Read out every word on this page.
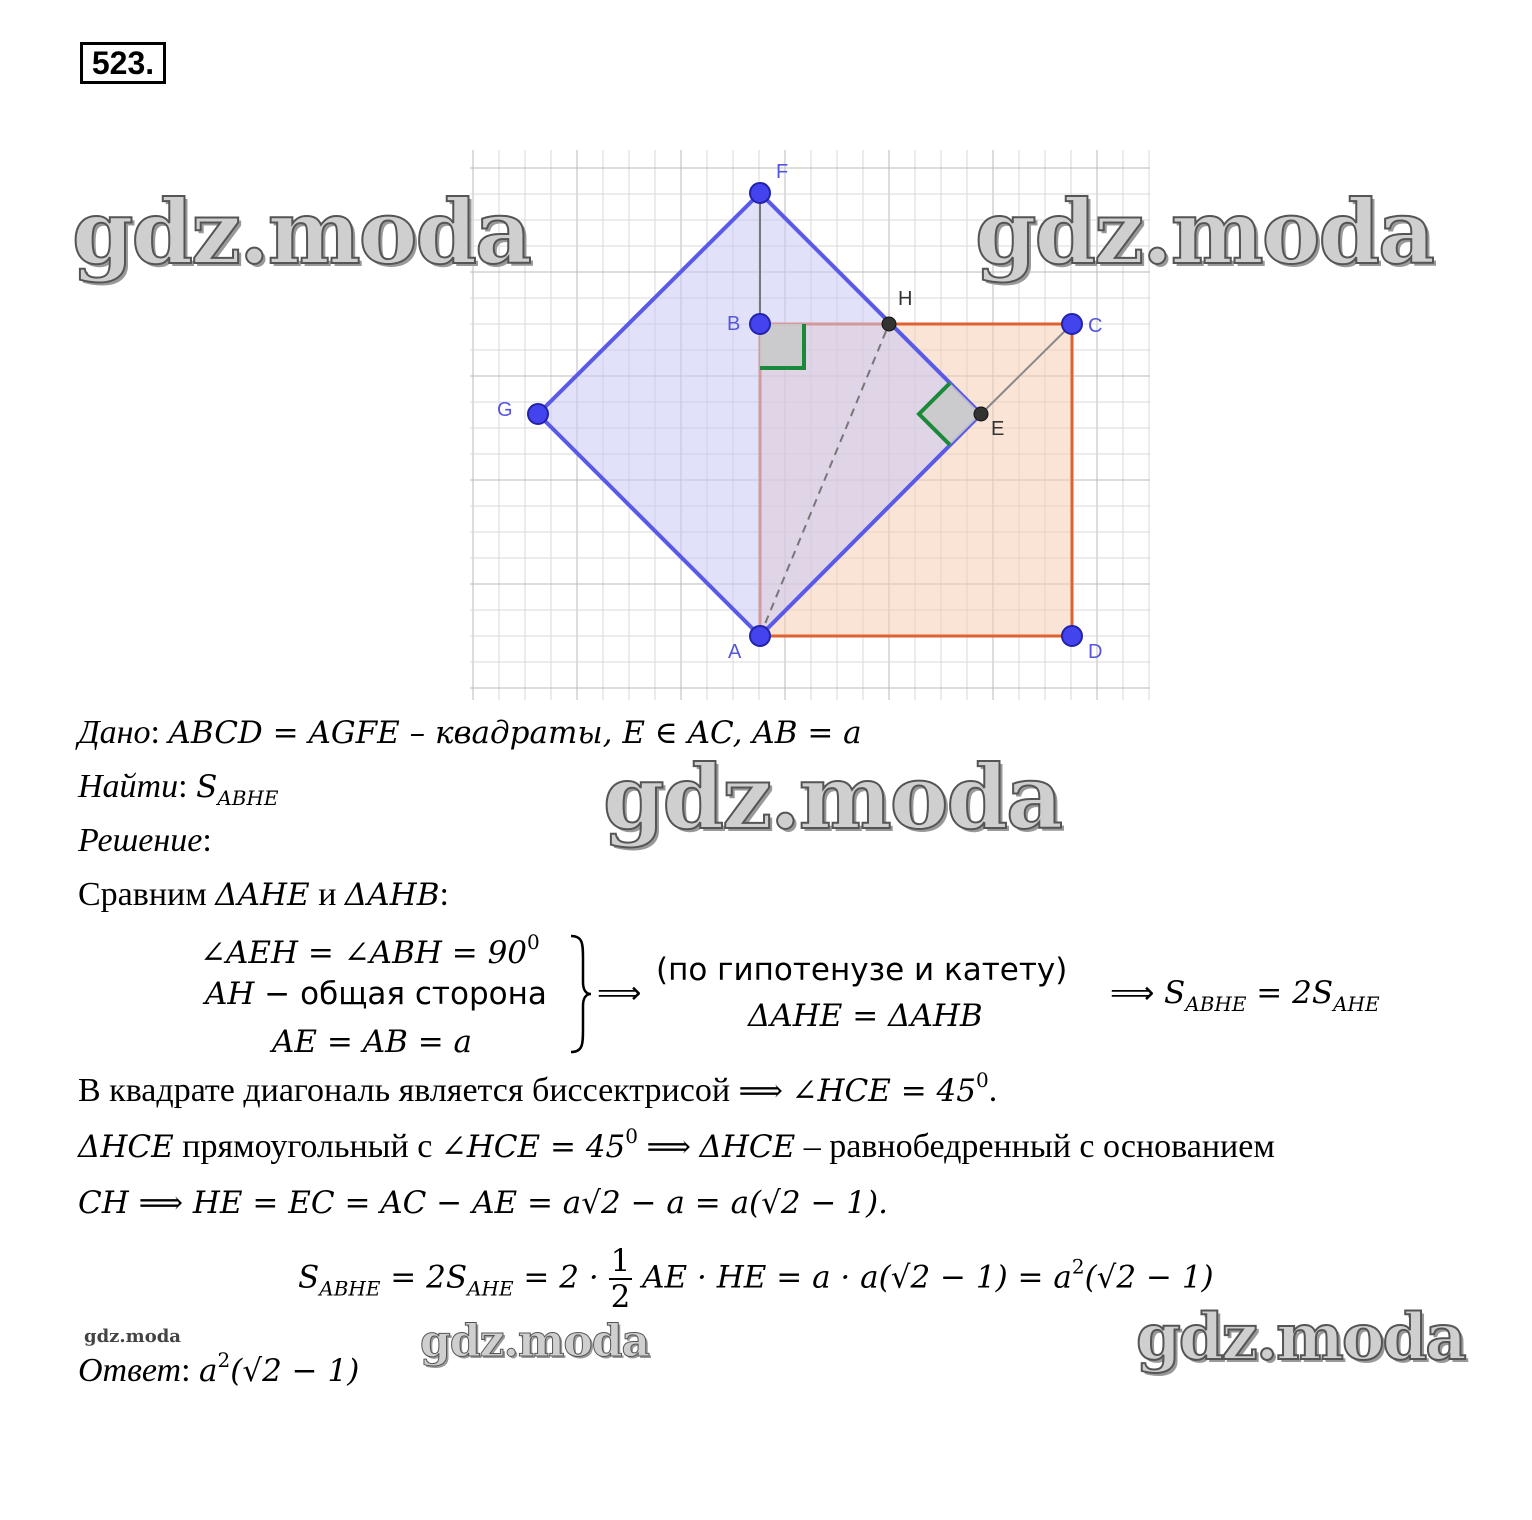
523.
F
B	C
G
A	D
H
E
gdz.moda	gdz.moda
gdz.moda
gdz.moda	gdz.moda	gdz.moda
Дано: ABCD = AGFE – квадраты, E ∈ AC, AB = a
Найти: $S_{ABHE}$
Решение:
Сравним ΔAHE и ΔAHB:
∠AEH = ∠ABH = $90^0$
AH − общая сторона
AE = AB = a
⟹
(по гипотенузе и катету)
ΔAHE = ΔAHB
⟹ $S_{ABHE} = 2S_{AHE}$
В квадрате диагональ является биссектрисой ⟹ ∠HCE = $45^0$.
ΔHCE прямоугольный с ∠HCE = $45^0$ ⟹ ΔHCE – равнобедренный с основанием
CH ⟹ HE = EC = AC − AE = a√2 − a = a(√2 − 1).
$S_{ABHE} = 2S_{AHE} = 2 \cdot \frac{1}{2}$ AE · HE = $a \cdot a(√2 - 1) = a^2(√2 - 1)$
Ответ: $a^2(√2 - 1)$
